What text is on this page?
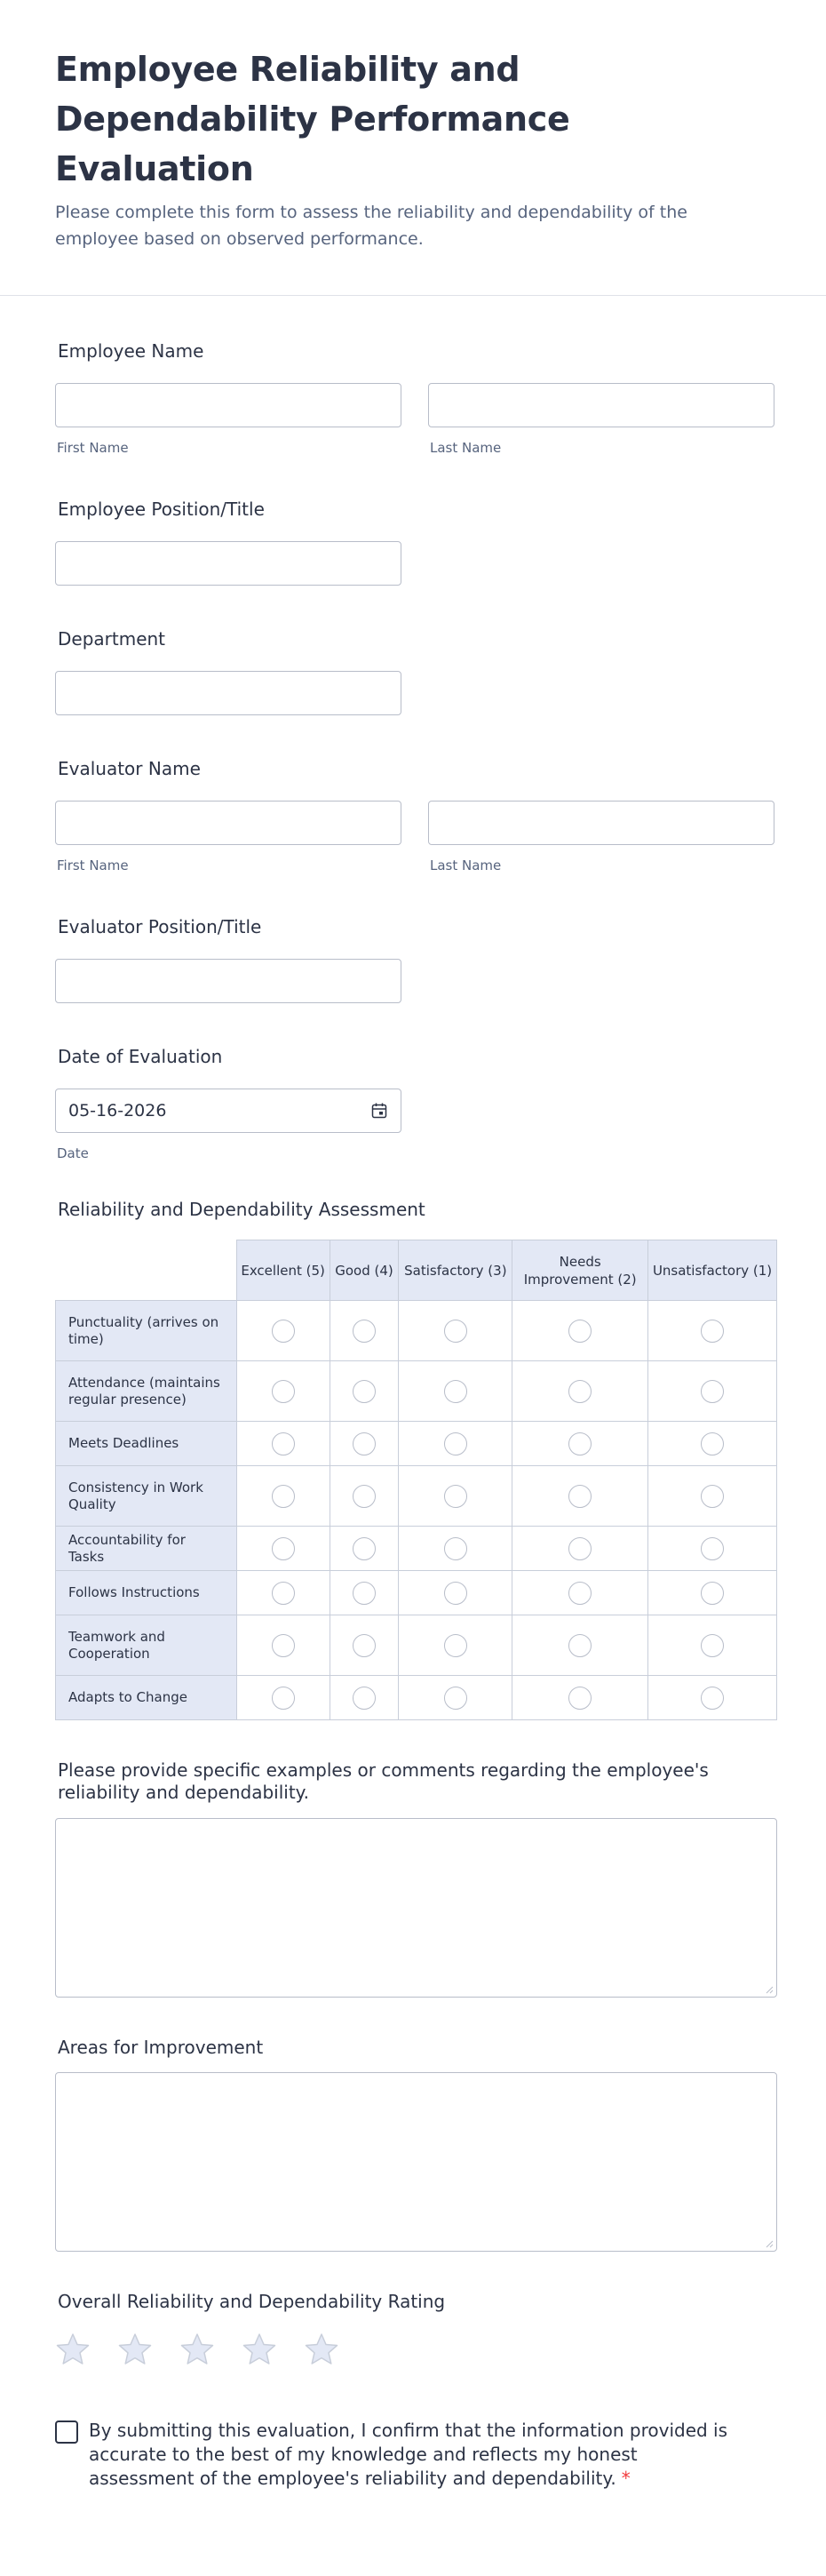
Employee Reliability and Dependability Performance Evaluation

Please complete this form to assess the reliability and dependability of the employee based on observed performance.

Employee Name
First Name	Last Name
Employee Position/Title
Department
Evaluator Name
First Name	Last Name
Evaluator Position/Title
Date of Evaluation
05-16-2026
Date
Reliability and Dependability Assessment
	Excellent (5)	Good (4)	Satisfactory (3)	Needs Improvement (2)	Unsatisfactory (1)
Punctuality (arrives on time)					
Attendance (maintains regular presence)					
Meets Deadlines					
Consistency in Work Quality					
Accountability for Tasks					
Follows Instructions					
Teamwork and Cooperation					
Adapts to Change					
Please provide specific examples or comments regarding the employee's reliability and dependability.
Areas for Improvement
Overall Reliability and Dependability Rating
By submitting this evaluation, I confirm that the information provided is accurate to the best of my knowledge and reflects my honest assessment of the employee's reliability and dependability. *
